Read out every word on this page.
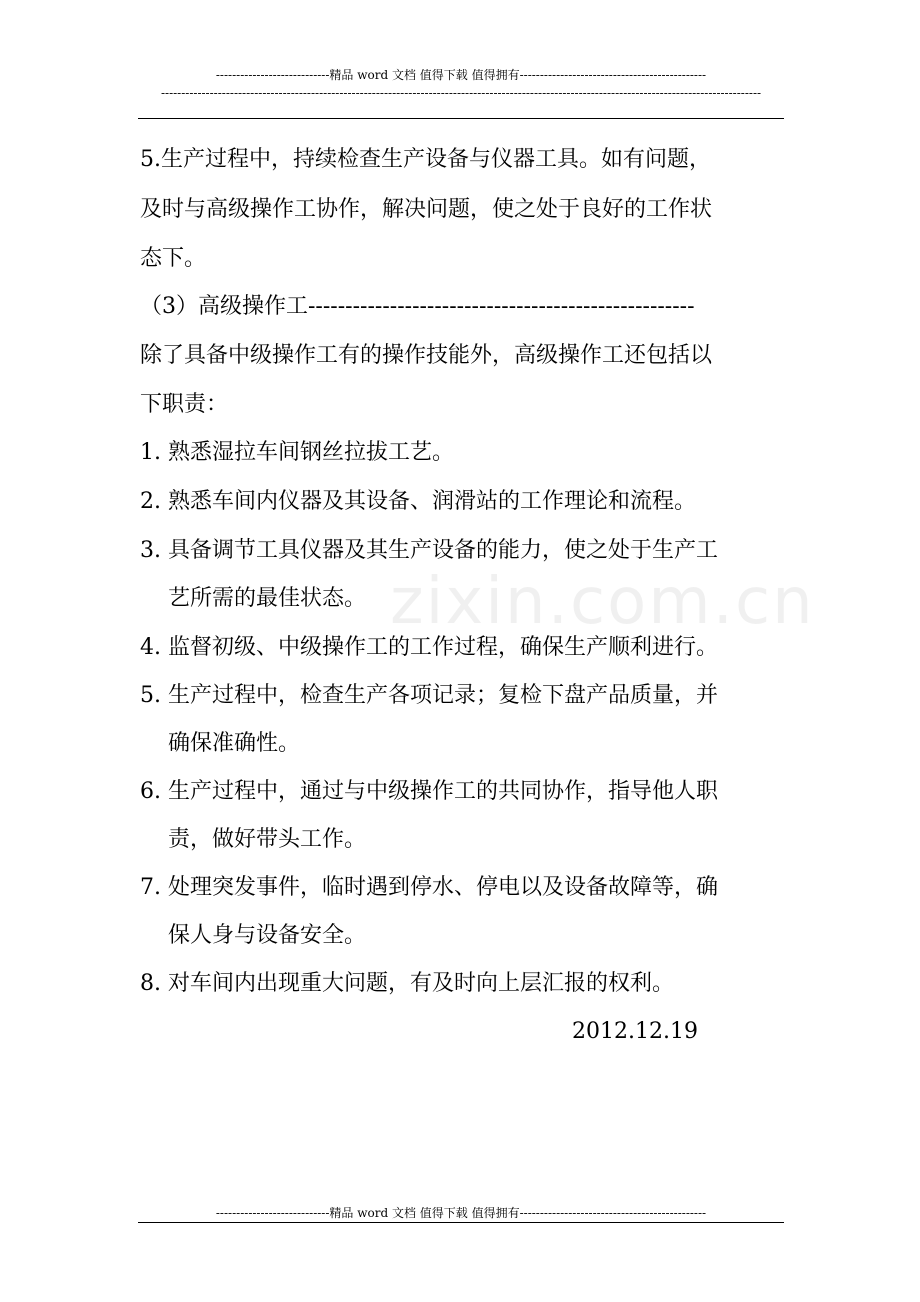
----------------------------精品 word 文档 值得下载 值得拥有----------------------------------------------
----------------------------------------------------------------------------------------------------------------------------------------------------
zixin.com.cn
5.生产过程中，持续检查生产设备与仪器工具。如有问题，
及时与高级操作工协作，解决问题，使之处于良好的工作状
态下。
（3）高级操作工----------------------------------------------------
除了具备中级操作工有的操作技能外，高级操作工还包括以
下职责：
1. 熟悉湿拉车间钢丝拉拔工艺。
2. 熟悉车间内仪器及其设备、润滑站的工作理论和流程。
3. 具备调节工具仪器及其生产设备的能力，使之处于生产工
艺所需的最佳状态。
4. 监督初级、中级操作工的工作过程，确保生产顺利进行。
5. 生产过程中，检查生产各项记录；复检下盘产品质量，并
确保准确性。
6. 生产过程中，通过与中级操作工的共同协作，指导他人职
责，做好带头工作。
7. 处理突发事件，临时遇到停水、停电以及设备故障等，确
保人身与设备安全。
8. 对车间内出现重大问题，有及时向上层汇报的权利。
2012.12.19
----------------------------精品 word 文档 值得下载 值得拥有----------------------------------------------
